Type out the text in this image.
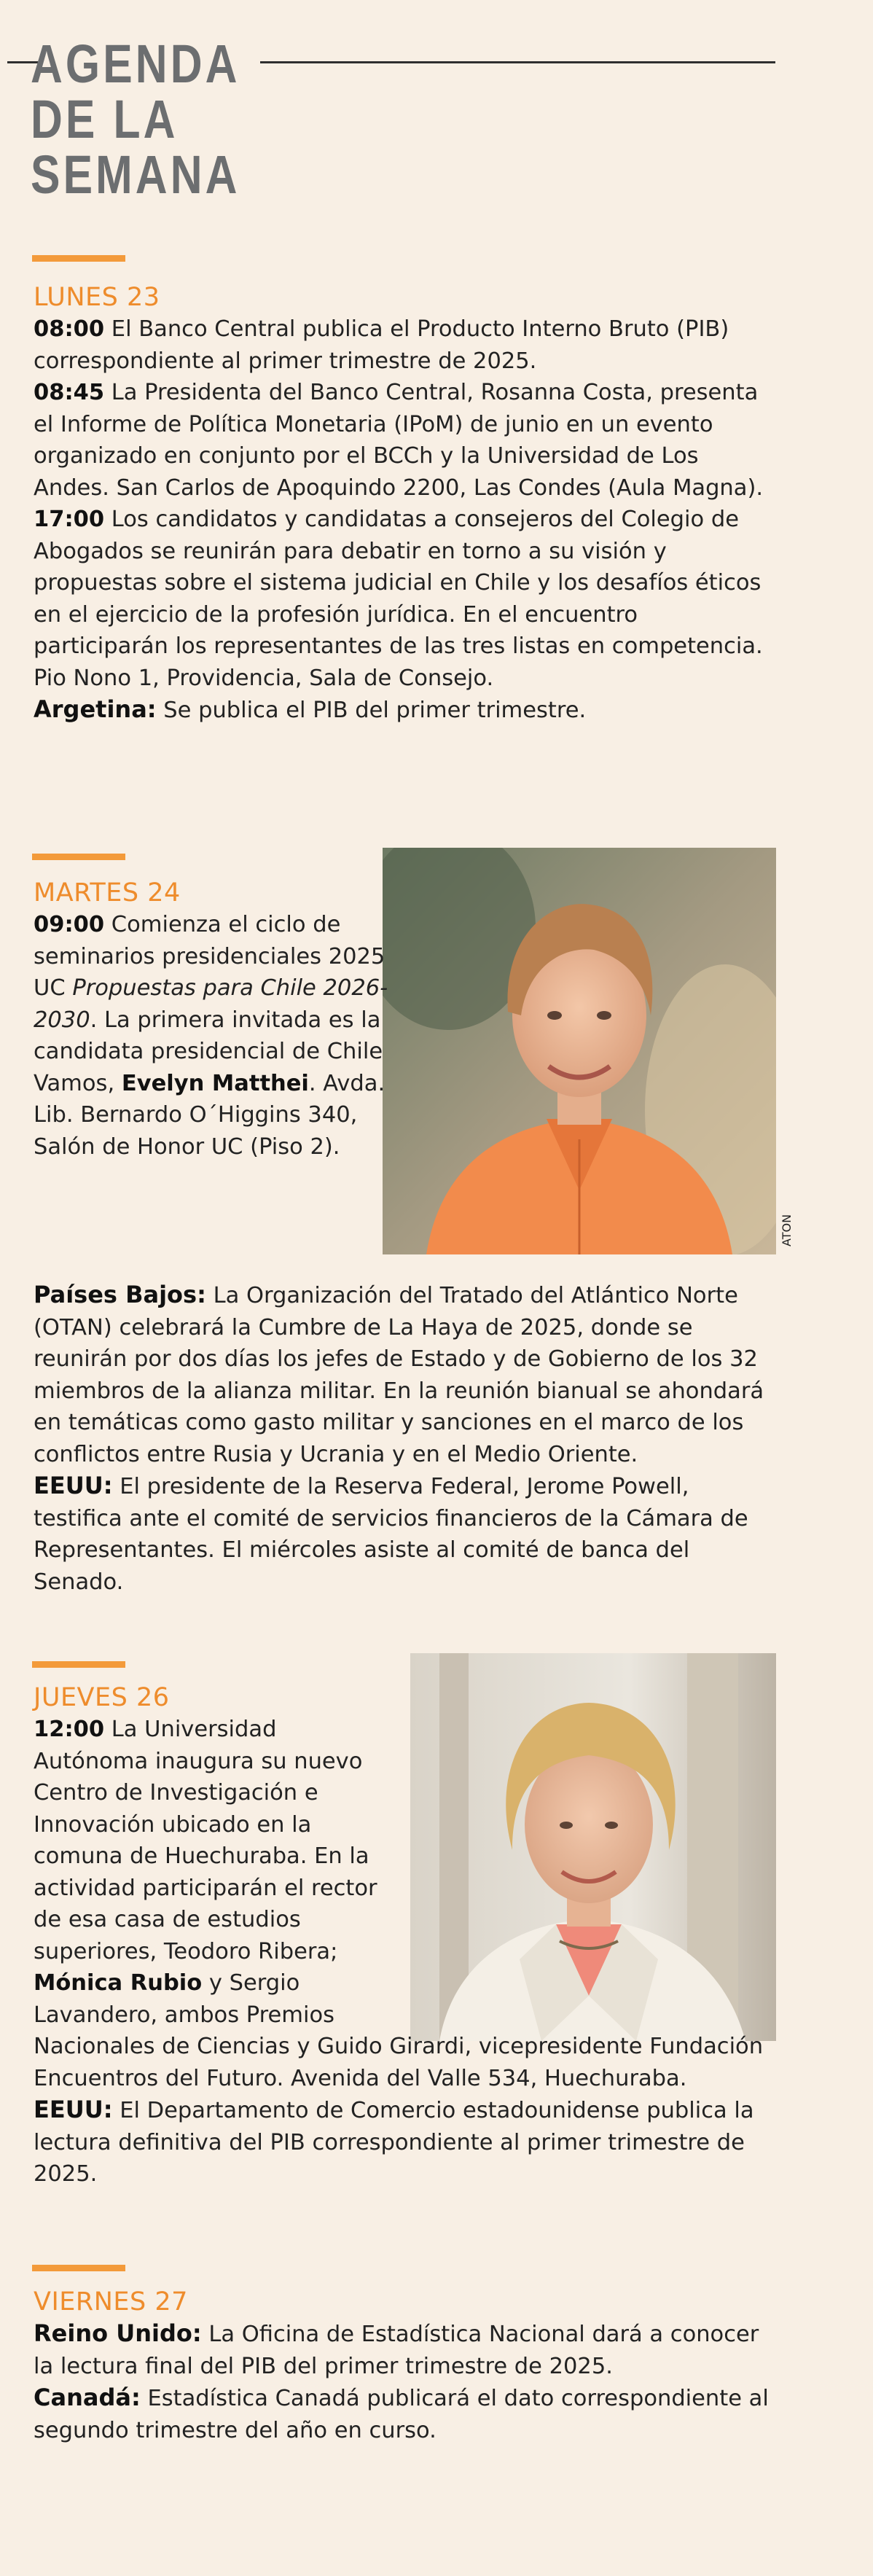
AGENDA
DE LA
SEMANA
LUNES 23

08:00 El Banco Central publica el Producto Interno Bruto (PIB) correspondiente al primer trimestre de 2025.

08:45 La Presidenta del Banco Central, Rosanna Costa, presenta el Informe de Política Monetaria (IPoM) de junio en un evento organizado en conjunto por el BCCh y la Universidad de Los Andes. San Carlos de Apoquindo 2200, Las Condes (Aula Magna).

17:00 Los candidatos y candidatas a consejeros del Colegio de Abogados se reunirán para debatir en torno a su visión y propuestas sobre el sistema judicial en Chile y los desafíos éticos en el ejercicio de la profesión jurídica. En el encuentro participarán los representantes de las tres listas en competencia. Pio Nono 1, Providencia, Sala de Consejo.

Argetina: Se publica el PIB del primer trimestre.

ATON
MARTES 24

09:00 Comienza el ciclo de seminarios presidenciales 2025 UC Propuestas para Chile 2026-2030. La primera invitada es la candidata presidencial de Chile Vamos, Evelyn Matthei. Avda. Lib. Bernardo O´Higgins 340, Salón de Honor UC (Piso 2).

Países Bajos: La Organización del Tratado del Atlántico Norte (OTAN) celebrará la Cumbre de La Haya de 2025, donde se reunirán por dos días los jefes de Estado y de Gobierno de los 32 miembros de la alianza militar. En la reunión bianual se ahondará en temáticas como gasto militar y sanciones en el marco de los conflictos entre Rusia y Ucrania y en el Medio Oriente.

EEUU: El presidente de la Reserva Federal, Jerome Powell, testifica ante el comité de servicios financieros de la Cámara de Representantes. El miércoles asiste al comité de banca del Senado.

JUEVES 26

12:00 La Universidad Autónoma inaugura su nuevo Centro de Investigación e Innovación ubicado en la comuna de Huechuraba. En la actividad participarán el rector de esa casa de estudios superiores, Teodoro Ribera; Mónica Rubio y Sergio Lavandero, ambos Premios Nacionales de Ciencias y Guido Girardi, vicepresidente Fundación Encuentros del Futuro. Avenida del Valle 534, Huechuraba.

EEUU: El Departamento de Comercio estadounidense publica la lectura definitiva del PIB correspondiente al primer trimestre de 2025.

VIERNES 27

Reino Unido: La Oficina de Estadística Nacional dará a conocer la lectura final del PIB del primer trimestre de 2025.

Canadá: Estadística Canadá publicará el dato correspondiente al segundo trimestre del año en curso.
